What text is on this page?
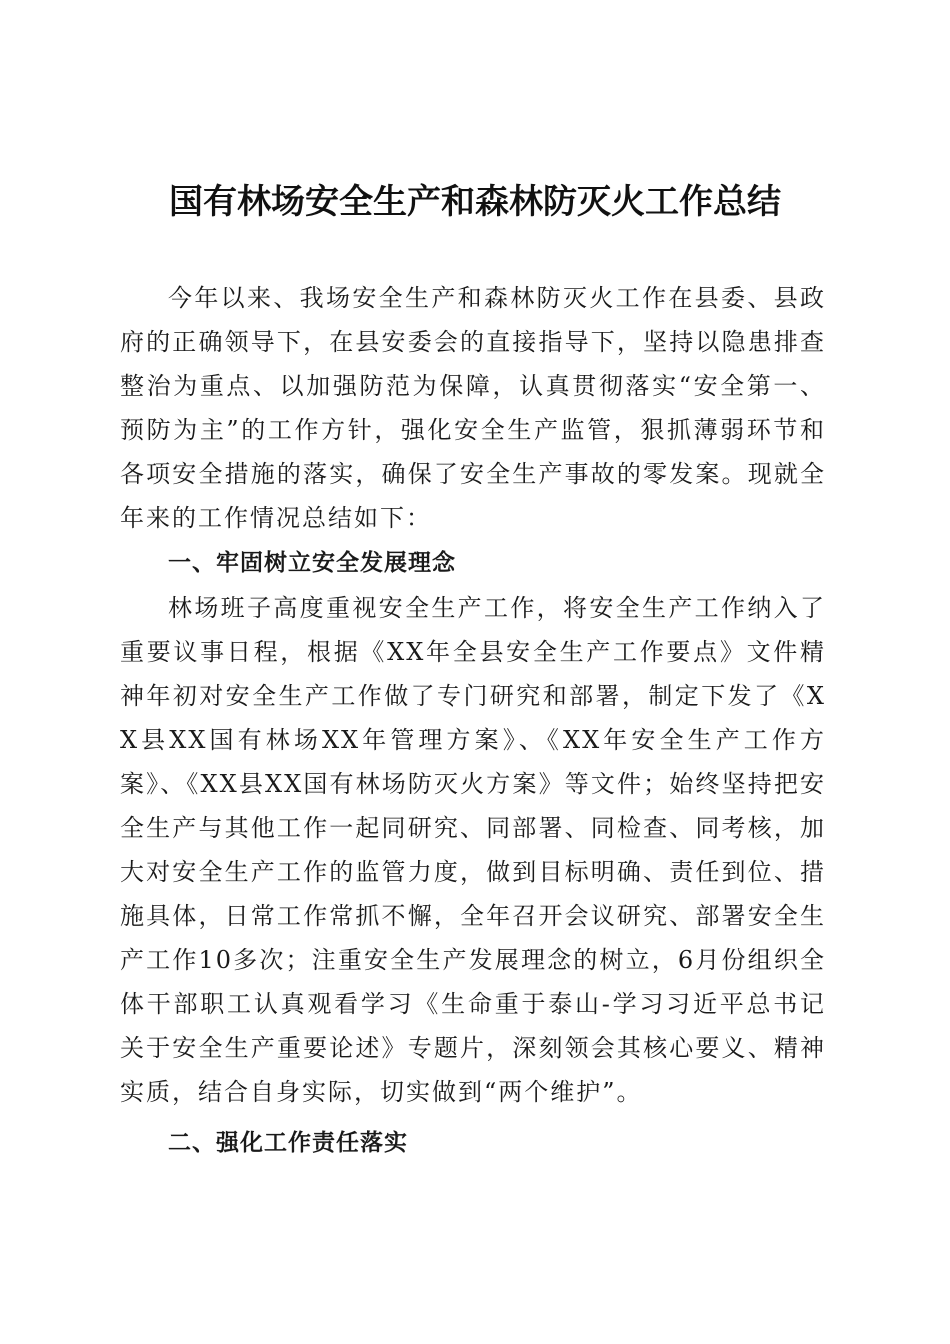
国有林场安全生产和森林防灭火工作总结

今年以来、我场安全生产和森林防灭火工作在县委、县政府的正确领导下，在县安委会的直接指导下，坚持以隐患排查整治为重点、以加强防范为保障，认真贯彻落实“安全第一、预防为主”的工作方针，强化安全生产监管，狠抓薄弱环节和各项安全措施的落实，确保了安全生产事故的零发案。现就全年来的工作情况总结如下：

一、牢固树立安全发展理念

林场班子高度重视安全生产工作，将安全生产工作纳入了重要议事日程，根据《XX年全县安全生产工作要点》文件精神年初对安全生产工作做了专门研究和部署，制定下发了《XX县XX国有林场XX年管理方案》、《XX年安全生产工作方案》、《XX县XX国有林场防灭火方案》等文件；始终坚持把安全生产与其他工作一起同研究、同部署、同检查、同考核，加大对安全生产工作的监管力度，做到目标明确、责任到位、措施具体，日常工作常抓不懈，全年召开会议研究、部署安全生产工作10多次；注重安全生产发展理念的树立，6月份组织全体干部职工认真观看学习《生命重于泰山-学习习近平总书记关于安全生产重要论述》专题片，深刻领会其核心要义、精神实质，结合自身实际，切实做到“两个维护”。

二、强化工作责任落实
